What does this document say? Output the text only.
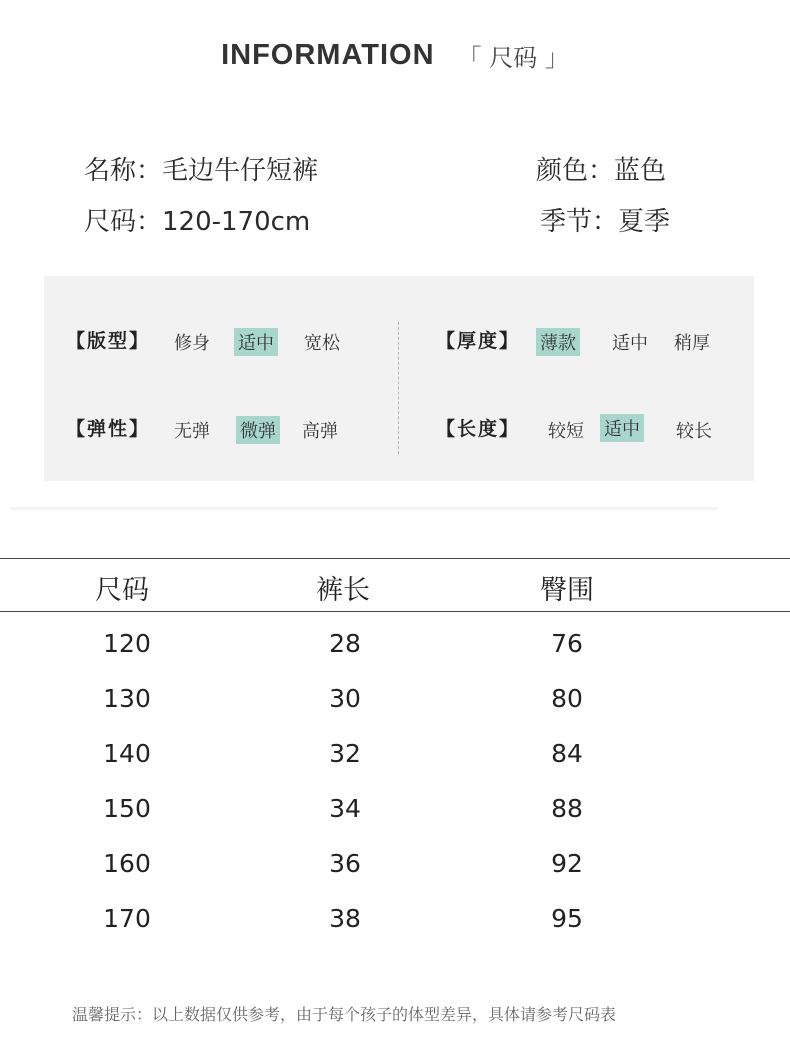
INFORMATION 「 尺码 」
名称：毛边牛仔短裤	颜色：蓝色
尺码：120-170cm	季节：夏季
【版型】 修身 适中 宽松
【弹性】 无弹 微弹 高弹
【厚度】 薄款 适中 稍厚
【长度】 较短 适中 较长
尺码	裤长	臀围
120	28	76
130	30	80
140	32	84
150	34	88
160	36	92
170	38	95
温馨提示：以上数据仅供参考，由于每个孩子的体型差异，具体请参考尺码表
